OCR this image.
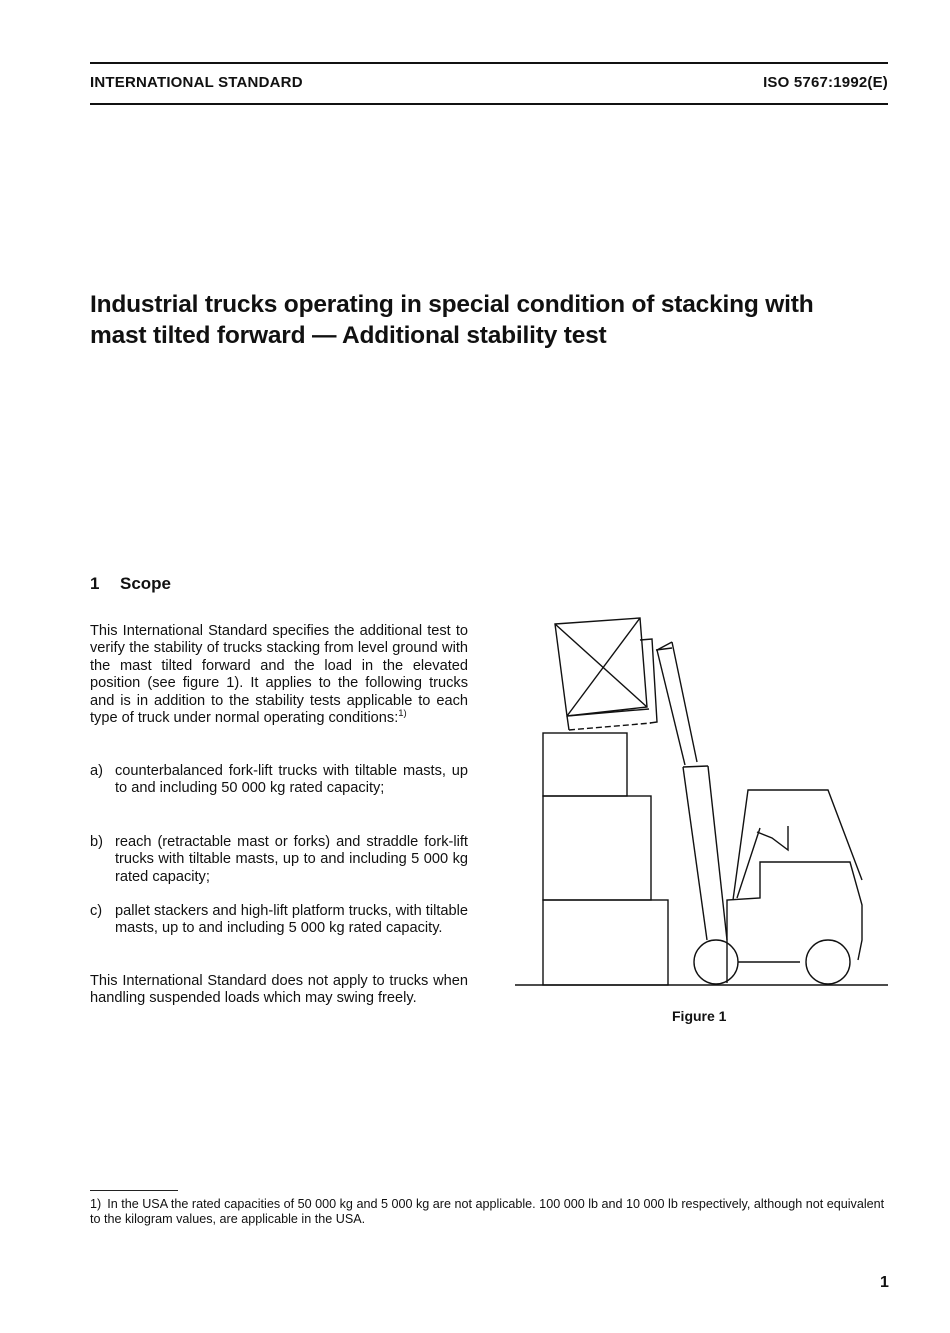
INTERNATIONAL STANDARD	ISO 5767:1992(E)
Industrial trucks operating in special condition of stacking with
mast tilted forward — Additional stability test
1 Scope
This International Standard specifies the additional test to verify the stability of trucks stacking from level ground with the mast tilted forward and the load in the elevated position (see figure 1). It applies to the following trucks and is in addition to the stability tests applicable to each type of truck under normal operating conditions:$^{1)}$
a) counterbalanced fork-lift trucks with tiltable masts, up to and including 50 000 kg rated capacity;
b) reach (retractable mast or forks) and straddle fork-lift trucks with tiltable masts, up to and including 5 000 kg rated capacity;
c) pallet stackers and high-lift platform trucks, with tiltable masts, up to and including 5 000 kg rated capacity.
This International Standard does not apply to trucks when handling suspended loads which may swing freely.
Figure 1
1) In the USA the rated capacities of 50 000 kg and 5 000 kg are not applicable. 100 000 lb and 10 000 lb respectively, although not equivalent to the kilogram values, are applicable in the USA.
1
